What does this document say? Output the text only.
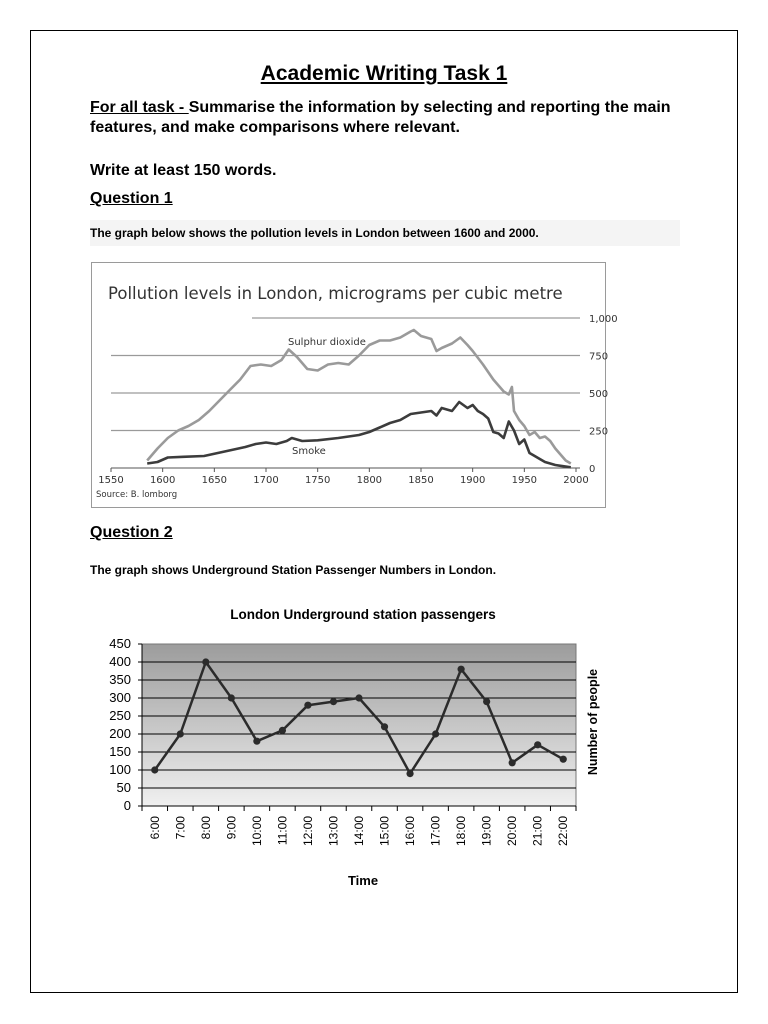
Academic Writing Task 1
For all task - Summarise the information by selecting and reporting the main features, and make comparisons where relevant.
Write at least 150 words.
Question 1
The graph below shows the pollution levels in London between 1600 and 2000.
Pollution levels in London, micrograms per cubic metre
0
250
500
750
1,000
1550	1600	1650	1700	1750	1800	1850	1900	1950	2000
Source: B. lomborg
Sulphur dioxide
Smoke
Question 2
The graph shows Underground Station Passenger Numbers in London.
London Underground station passengers
0
50
100
150
200
250
300
350
400
450
6:00 7:00 8:00 9:00 10:00 11:00 12:00 13:00 14:00 15:00 16:00 17:00 18:00 19:00 20:00 21:00 22:00
Time
Number of people
